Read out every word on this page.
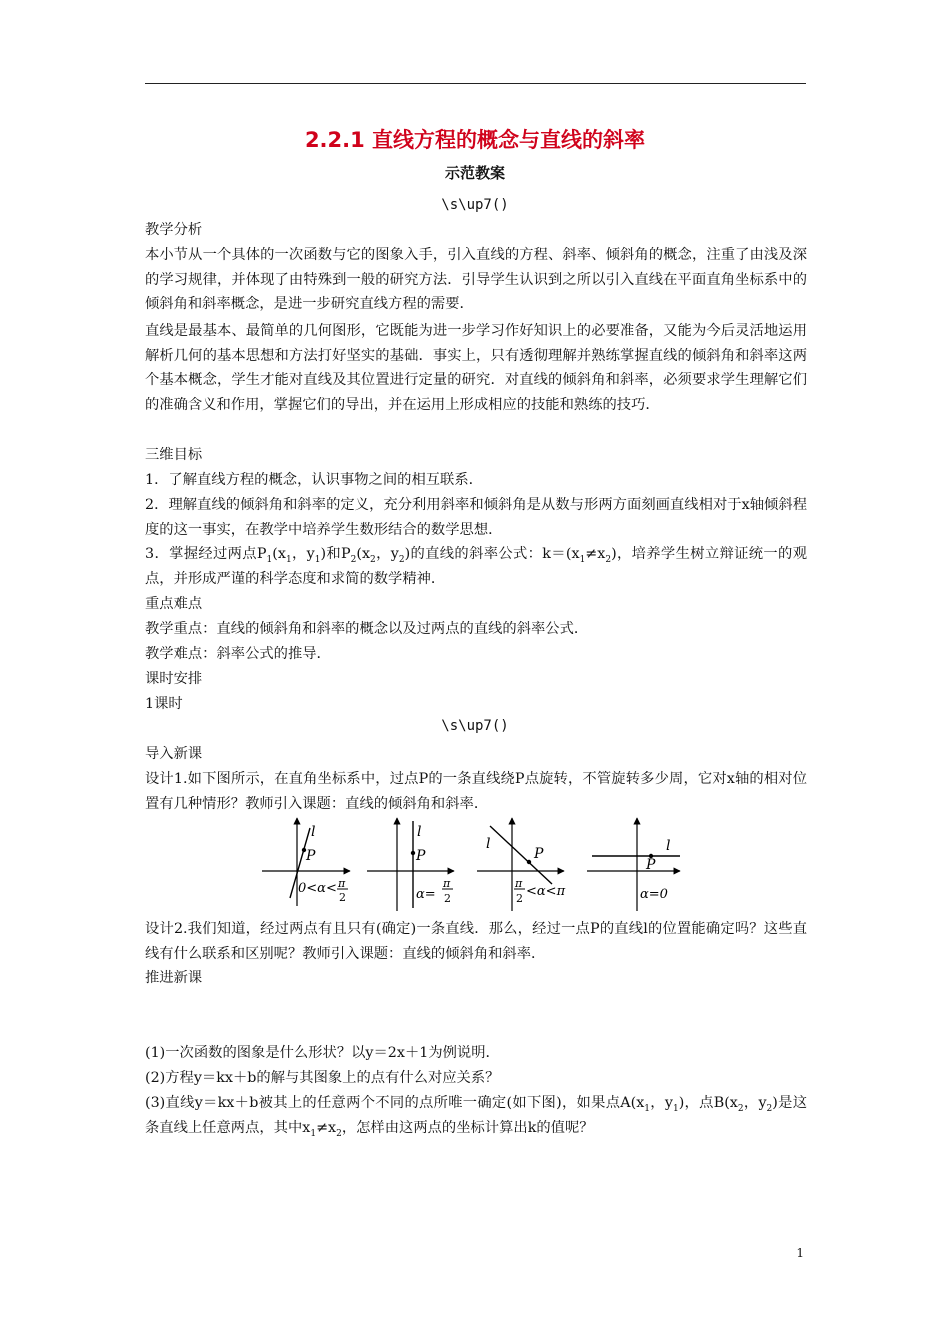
2.2.1 直线方程的概念与直线的斜率
示范教案
\s\up7()
教学分析
本小节从一个具体的一次函数与它的图象入手，引入直线的方程、斜率、倾斜角的概念，注重了由浅及深的学习规律，并体现了由特殊到一般的研究方法．引导学生认识到之所以引入直线在平面直角坐标系中的倾斜角和斜率概念，是进一步研究直线方程的需要．
直线是最基本、最简单的几何图形，它既能为进一步学习作好知识上的必要准备，又能为今后灵活地运用解析几何的基本思想和方法打好坚实的基础．事实上，只有透彻理解并熟练掌握直线的倾斜角和斜率这两个基本概念，学生才能对直线及其位置进行定量的研究．对直线的倾斜角和斜率，必须要求学生理解它们的准确含义和作用，掌握它们的导出，并在运用上形成相应的技能和熟练的技巧．
三维目标
1．了解直线方程的概念，认识事物之间的相互联系．
2．理解直线的倾斜角和斜率的定义，充分利用斜率和倾斜角是从数与形两方面刻画直线相对于x轴倾斜程度的这一事实，在教学中培养学生数形结合的数学思想．
3．掌握经过两点$P_1(x_1$，$y_1$)和$P_2(x_2$，$y_2$)的直线的斜率公式：$k=(x_1\ne x_2)$，培养学生树立辩证统一的观点，并形成严谨的科学态度和求简的数学精神．
重点难点
教学重点：直线的倾斜角和斜率的概念以及过两点的直线的斜率公式．
教学难点：斜率公式的推导．
课时安排
1课时
\s\up7()
导入新课
设计1.如下图所示，在直角坐标系中，过点P的一条直线绕P点旋转，不管旋转多少周，它对x轴的相对位置有几种情形？教师引入课题：直线的倾斜角和斜率．
l
P
0<α< π
2
l
P
α=
π
2
l
P
π
2 <α<π
l
P
α=0
设计2.我们知道，经过两点有且只有(确定)一条直线．那么，经过一点P的直线l的位置能确定吗？这些直线有什么联系和区别呢？教师引入课题：直线的倾斜角和斜率．
推进新课
(1)一次函数的图象是什么形状？以y＝2x＋1为例说明．
(2)方程y＝kx＋b的解与其图象上的点有什么对应关系？
(3)直线y＝kx＋b被其上的任意两个不同的点所唯一确定(如下图)，如果点$A(x_1$，$y_1$)，点$B(x_2$，$y_2$)是这条直线上任意两点，其中$x_1\ne x_2$，怎样由这两点的坐标计算出k的值呢？
1
